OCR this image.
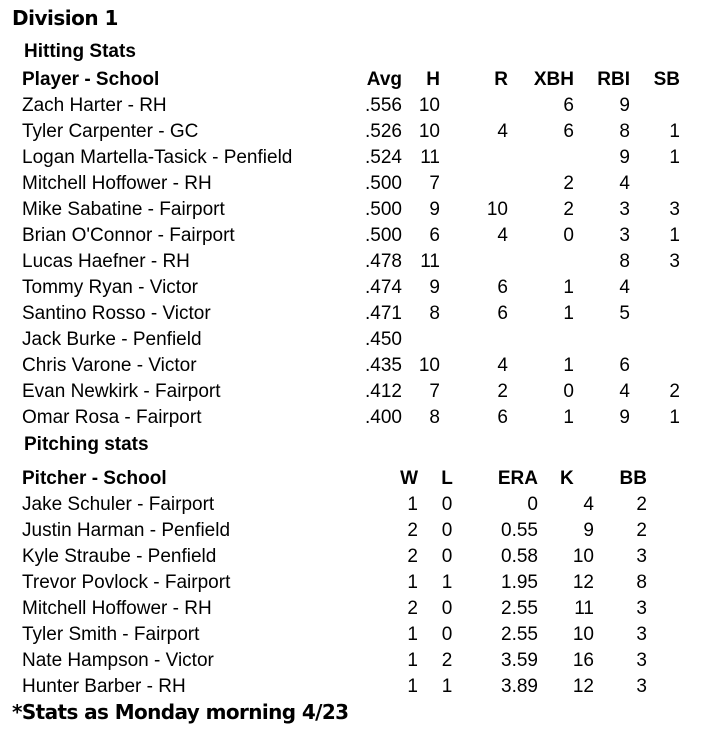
Division 1
Hitting Stats
Player - School	Avg	H	R	XBH	RBI	SB
Zach Harter - RH	.556	10		6	9	
Tyler Carpenter - GC	.526	10	4	6	8	1
Logan Martella-Tasick - Penfield	.524	11			9	1
Mitchell Hoffower - RH	.500	7		2	4	
Mike Sabatine - Fairport	.500	9	10	2	3	3
Brian O'Connor - Fairport	.500	6	4	0	3	1
Lucas Haefner - RH	.478	11			8	3
Tommy Ryan - Victor	.474	9	6	1	4	
Santino Rosso - Victor	.471	8	6	1	5	
Jack Burke - Penfield	.450					
Chris Varone - Victor	.435	10	4	1	6	
Evan Newkirk - Fairport	.412	7	2	0	4	2
Omar Rosa - Fairport	.400	8	6	1	9	1
Pitching stats
Pitcher - School	W	L	ERA	K	BB
Jake Schuler - Fairport	1	0	0	4	2
Justin Harman - Penfield	2	0	0.55	9	2
Kyle Straube - Penfield	2	0	0.58	10	3
Trevor Povlock - Fairport	1	1	1.95	12	8
Mitchell Hoffower - RH	2	0	2.55	11	3
Tyler Smith - Fairport	1	0	2.55	10	3
Nate Hampson - Victor	1	2	3.59	16	3
Hunter Barber - RH	1	1	3.89	12	3
*Stats as Monday morning 4/23
